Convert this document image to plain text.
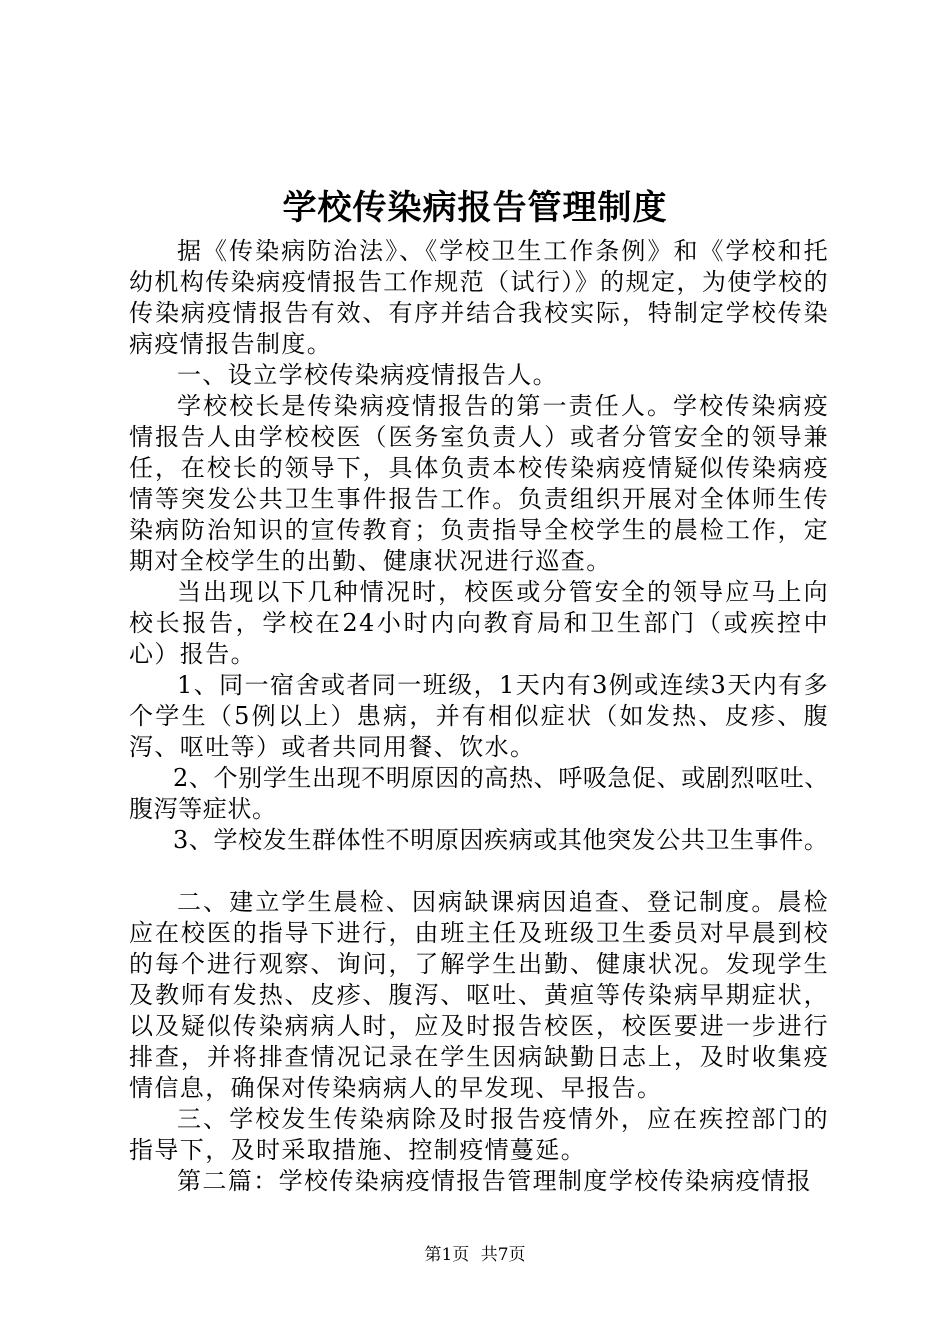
学校传染病报告管理制度

据《传染病防治法》、《学校卫生工作条例》和《学校和托幼机构传染病疫情报告工作规范（试行）》的规定，为使学校的传染病疫情报告有效、有序并结合我校实际，特制定学校传染病疫情报告制度。

一、设立学校传染病疫情报告人。

学校校长是传染病疫情报告的第一责任人。学校传染病疫情报告人由学校校医（医务室负责人）或者分管安全的领导兼任，在校长的领导下，具体负责本校传染病疫情疑似传染病疫情等突发公共卫生事件报告工作。负责组织开展对全体师生传染病防治知识的宣传教育；负责指导全校学生的晨检工作，定期对全校学生的出勤、健康状况进行巡查。

当出现以下几种情况时，校医或分管安全的领导应马上向校长报告，学校在24小时内向教育局和卫生部门（或疾控中心）报告。

1、同一宿舍或者同一班级，1天内有3例或连续3天内有多个学生（5例以上）患病，并有相似症状（如发热、皮疹、腹泻、呕吐等）或者共同用餐、饮水。

2、个别学生出现不明原因的高热、呼吸急促、或剧烈呕吐、腹泻等症状。

3、学校发生群体性不明原因疾病或其他突发公共卫生事件。

二、建立学生晨检、因病缺课病因追查、登记制度。晨检应在校医的指导下进行，由班主任及班级卫生委员对早晨到校的每个进行观察、询问，了解学生出勤、健康状况。发现学生及教师有发热、皮疹、腹泻、呕吐、黄疸等传染病早期症状，以及疑似传染病病人时，应及时报告校医，校医要进一步进行排查，并将排查情况记录在学生因病缺勤日志上，及时收集疫情信息，确保对传染病病人的早发现、早报告。

三、学校发生传染病除及时报告疫情外，应在疾控部门的指导下，及时采取措施、控制疫情蔓延。

第二篇：学校传染病疫情报告管理制度学校传染病疫情报

第1页 共7页
